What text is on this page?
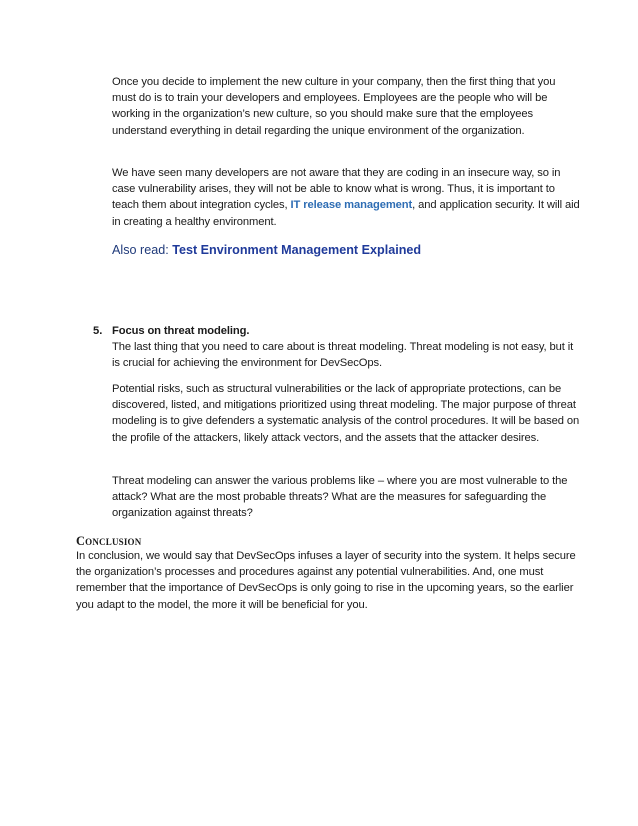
Once you decide to implement the new culture in your company, then the first thing that you must do is to train your developers and employees. Employees are the people who will be working in the organization’s new culture, so you should make sure that the employees understand everything in detail regarding the unique environment of the organization.

We have seen many developers are not aware that they are coding in an insecure way, so in case vulnerability arises, they will not be able to know what is wrong. Thus, it is important to teach them about integration cycles, IT release management, and application security. It will aid in creating a healthy environment.

Also read: Test Environment Management Explained

5. Focus on threat modeling.

The last thing that you need to care about is threat modeling. Threat modeling is not easy, but it is crucial for achieving the environment for DevSecOps.

Potential risks, such as structural vulnerabilities or the lack of appropriate protections, can be discovered, listed, and mitigations prioritized using threat modeling. The major purpose of threat modeling is to give defenders a systematic analysis of the control procedures. It will be based on the profile of the attackers, likely attack vectors, and the assets that the attacker desires.

Threat modeling can answer the various problems like – where you are most vulnerable to the attack? What are the most probable threats? What are the measures for safeguarding the organization against threats?

Conclusion

In conclusion, we would say that DevSecOps infuses a layer of security into the system. It helps secure the organization’s processes and procedures against any potential vulnerabilities. And, one must remember that the importance of DevSecOps is only going to rise in the upcoming years, so the earlier you adapt to the model, the more it will be beneficial for you.
